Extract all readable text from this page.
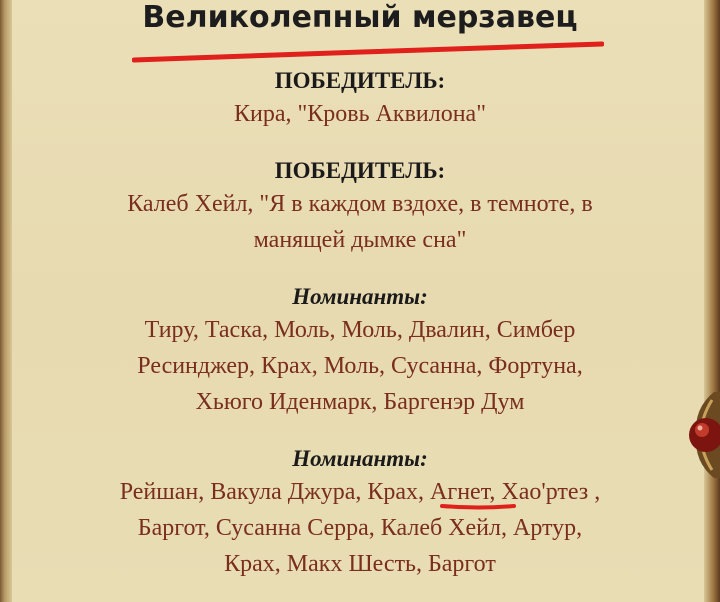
Великолепный мерзавец
ПОБЕДИТЕЛЬ:
Кира, "Кровь Аквилона"
ПОБЕДИТЕЛЬ:
Калеб Хейл, "Я в каждом вздохе, в темноте, в
манящей дымке сна"
Номинанты:
Тиру, Таска, Моль, Моль, Двалин, Симбер
Ресинджер, Крах, Моль, Сусанна, Фортуна,
Хьюго Иденмарк, Баргенэр Дум
Номинанты:
Рейшан, Вакула Джура, Крах, Агнет, Хао'ртез ,
Баргот, Сусанна Серра, Калеб Хейл, Артур,
Крах, Макх Шесть, Баргот
